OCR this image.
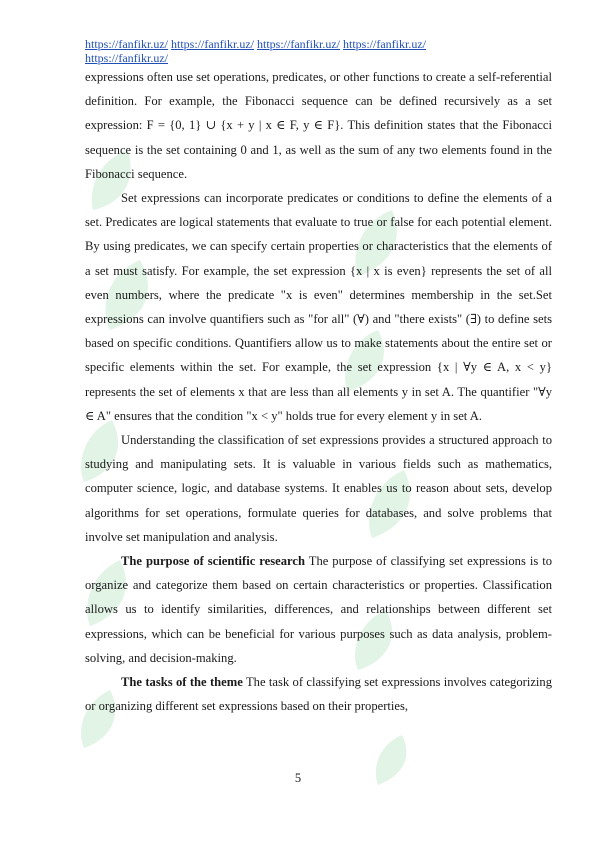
https://fanfikr.uz/ https://fanfikr.uz/ https://fanfikr.uz/ https://fanfikr.uz/
https://fanfikr.uz/

expressions often use set operations, predicates, or other functions to create a self-referential definition. For example, the Fibonacci sequence can be defined recursively as a set expression: F = {0, 1} ∪ {x + y | x ∈ F, y ∈ F}. This definition states that the Fibonacci sequence is the set containing 0 and 1, as well as the sum of any two elements found in the Fibonacci sequence.

Set expressions can incorporate predicates or conditions to define the elements of a set. Predicates are logical statements that evaluate to true or false for each potential element. By using predicates, we can specify certain properties or characteristics that the elements of a set must satisfy. For example, the set expression {x | x is even} represents the set of all even numbers, where the predicate "x is even" determines membership in the set.Set expressions can involve quantifiers such as "for all" (∀) and "there exists" (∃) to define sets based on specific conditions. Quantifiers allow us to make statements about the entire set or specific elements within the set. For example, the set expression {x | ∀y ∈ A, x < y} represents the set of elements x that are less than all elements y in set A. The quantifier "∀y ∈ A" ensures that the condition "x < y" holds true for every element y in set A.

Understanding the classification of set expressions provides a structured approach to studying and manipulating sets. It is valuable in various fields such as mathematics, computer science, logic, and database systems. It enables us to reason about sets, develop algorithms for set operations, formulate queries for databases, and solve problems that involve set manipulation and analysis.

The purpose of scientific research The purpose of classifying set expressions is to organize and categorize them based on certain characteristics or properties. Classification allows us to identify similarities, differences, and relationships between different set expressions, which can be beneficial for various purposes such as data analysis, problem-solving, and decision-making.

The tasks of the theme The task of classifying set expressions involves categorizing or organizing different set expressions based on their properties,

5
